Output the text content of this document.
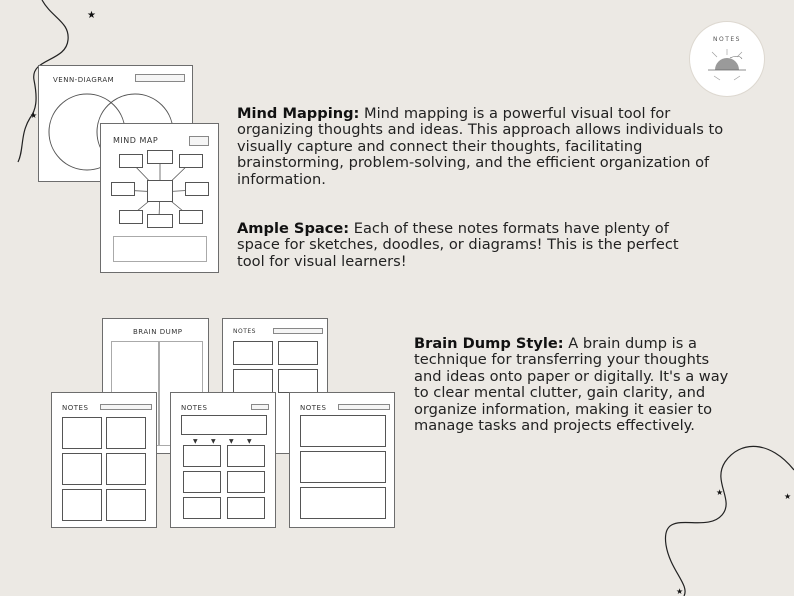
★
★
★	★
★
NOTES
VENN-DIAGRAM
MIND MAP
BRAIN DUMP	NOTES
NOTES	NOTES
▼ ▼ ▼ ▼
NOTES

Mind Mapping: Mind mapping is a powerful visual tool for organizing thoughts and ideas. This approach allows individuals to visually capture and connect their thoughts, facilitating brainstorming, problem-solving, and the efficient organization of information.

Ample Space: Each of these notes formats have plenty of space for sketches, doodles, or diagrams! This is the perfect tool for visual learners!

Brain Dump Style: A brain dump is a technique for transferring your thoughts and ideas onto paper or digitally. It's a way to clear mental clutter, gain clarity, and organize information, making it easier to manage tasks and projects effectively.
